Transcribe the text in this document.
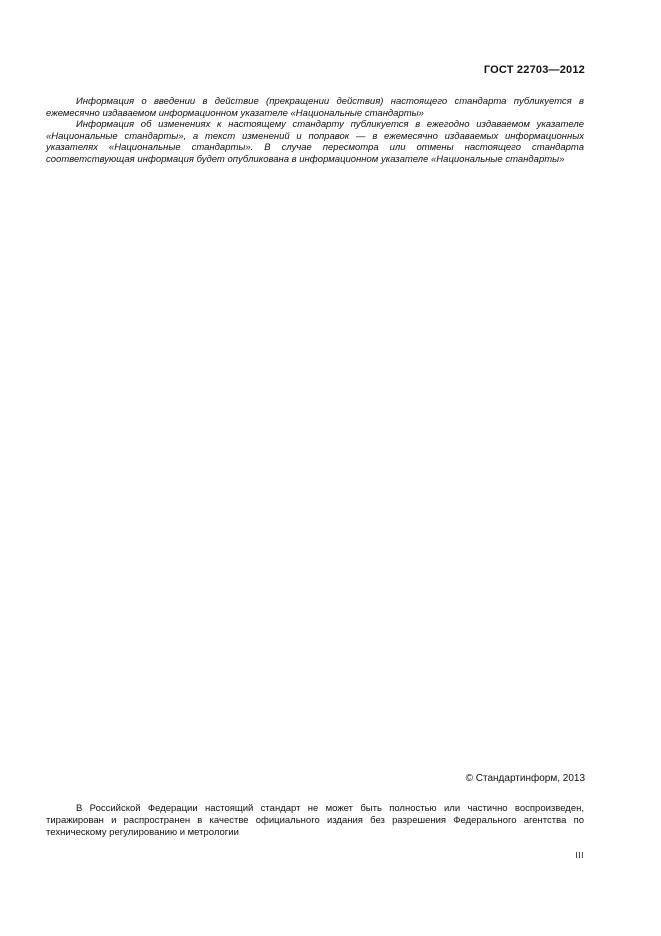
ГОСТ 22703—2012

Информация о введении в действие (прекращении действия) настоящего стандарта публикуется в ежемесячно издаваемом информационном указателе «Национальные стандарты»

Информация об изменениях к настоящему стандарту публикуется в ежегодно издаваемом указателе «Национальные стандарты», а текст изменений и поправок — в ежемесячно издаваемых информационных указателях «Национальные стандарты». В случае пересмотра или отмены настоящего стандарта соответствующая информация будет опубликована в информационном указателе «Национальные стандарты»

© Стандартинформ, 2013

В Российской Федерации настоящий стандарт не может быть полностью или частично воспроизведен, тиражирован и распространен в качестве официального издания без разрешения Федерального агентства по техническому регулированию и метрологии

III
